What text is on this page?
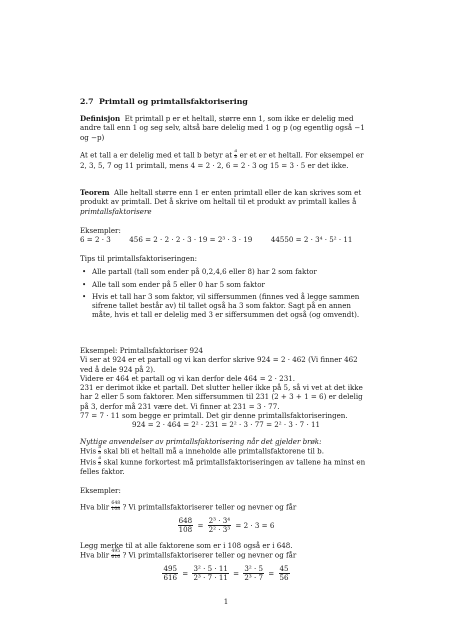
2.7 Primtall og primtallsfaktorisering
Definisjon Et primtall p er et heltall, større enn 1, som ikke er delelig med andre tall enn 1 og seg selv, altså bare delelig med 1 og p (og egentlig også −1 og −p)
At et tall a er delelig med et tall b betyr at $\frac{a}{b}$ er et er et heltall. For eksempel er 2, 3, 5, 7 og 11 primtall, mens 4 = 2 · 2, 6 = 2 · 3 og 15 = 3 · 5 er det ikke.
Teorem Alle heltall større enn 1 er enten primtall eller de kan skrives som et produkt av primtall. Det å skrive om heltall til et produkt av primtall kalles å primtallsfaktorisere

Eksempler:

6 = 2 · 3	456 = 2 · 2 · 2 · 3 · 19 = 2³ · 3 · 19	44550 = 2 · 3⁴ · 5² · 11

Tips til primtallsfaktoriseringen:

• Alle partall (tall som ender på 0,2,4,6 eller 8) har 2 som faktor
• Alle tall som ender på 5 eller 0 har 5 som faktor
• Hvis et tall har 3 som faktor, vil siffersummen (finnes ved å legge sammen sifrene tallet består av) til tallet også ha 3 som faktor. Sagt på en annen måte, hvis et tall er delelig med 3 er siffersummen det også (og omvendt).

Eksempel: Primtallsfaktoriser 924

Vi ser at 924 er et partall og vi kan derfor skrive 924 = 2 · 462 (Vi finner 462 ved å dele 924 på 2).

Videre er 464 et partall og vi kan derfor dele 464 = 2 · 231.

231 er derimot ikke et partall. Det slutter heller ikke på 5, så vi vet at det ikke har 2 eller 5 som faktorer. Men siffersummen til 231 (2 + 3 + 1 = 6) er delelig på 3, derfor må 231 være det. Vi finner at 231 = 3 · 77.

77 = 7 · 11 som begge er primtall. Det gir denne primtallsfaktoriseringen.

924 = 2 · 464 = 2² · 231 = 2² · 3 · 77 = 2² · 3 · 7 · 11

Nyttige anvendelser av primtallsfaktorisering når det gjelder brøk:

Hvis $\frac{a}{b}$ skal bli et heltall må a inneholde alle primtallsfaktorene til b.

Hvis $\frac{a}{b}$ skal kunne forkortest må primtallsfaktoriseringen av tallene ha minst en felles faktor.

Eksempler:
Hva blir $\frac{648}{108}$ ? Vi primtallsfaktoriserer teller og nevner og får
$\frac{648}{108} = \frac{\text{2³ · 3⁴}}{\text{2² · 3³}} = 2 \cdot 3 = 6$
Legg merke til at alle faktorene som er i 108 også er i 648.
Hva blir $\frac{495}{616}$ ? Vi primtallsfaktoriserer teller og nevner og får
$\frac{495}{616} = \frac{\text{3² · 5 · 11}}{\text{2³ · 7 · 11}} = \frac{\text{3² · 5}}{\text{2³ · 7}} = \frac{45}{56}$
1
